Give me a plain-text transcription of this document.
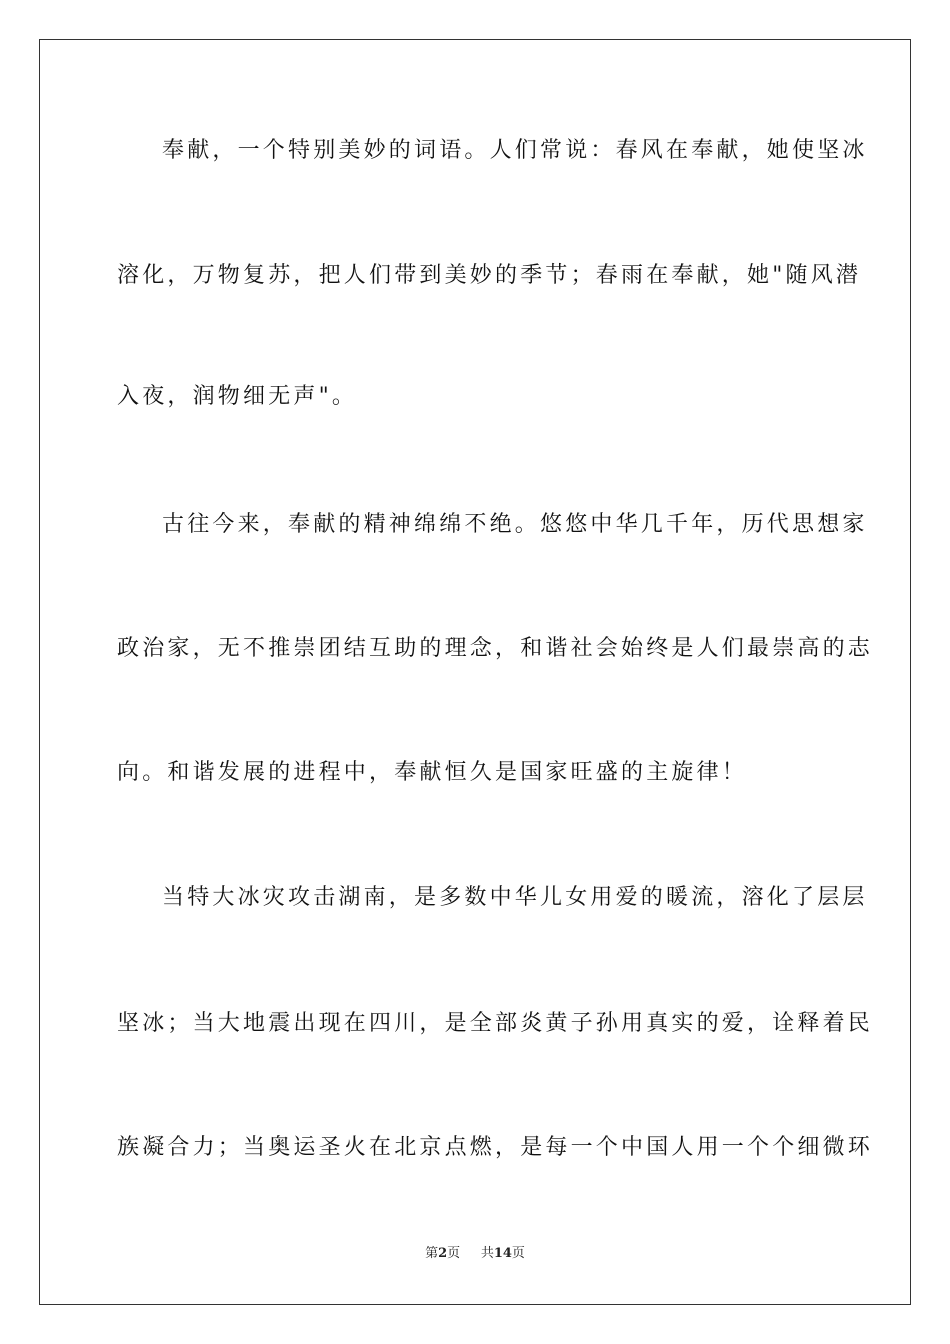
奉献，一个特别美妙的词语。人们常说：春风在奉献，她使坚冰
溶化，万物复苏，把人们带到美妙的季节；春雨在奉献，她"随风潜
入夜，润物细无声"。
古往今来，奉献的精神绵绵不绝。悠悠中华几千年，历代思想家
政治家，无不推崇团结互助的理念，和谐社会始终是人们最崇高的志
向。和谐发展的进程中，奉献恒久是国家旺盛的主旋律！
当特大冰灾攻击湖南，是多数中华儿女用爱的暖流，溶化了层层
坚冰；当大地震出现在四川，是全部炎黄子孙用真实的爱，诠释着民
族凝合力；当奥运圣火在北京点燃，是每一个中国人用一个个细微环
第2页 共14页
